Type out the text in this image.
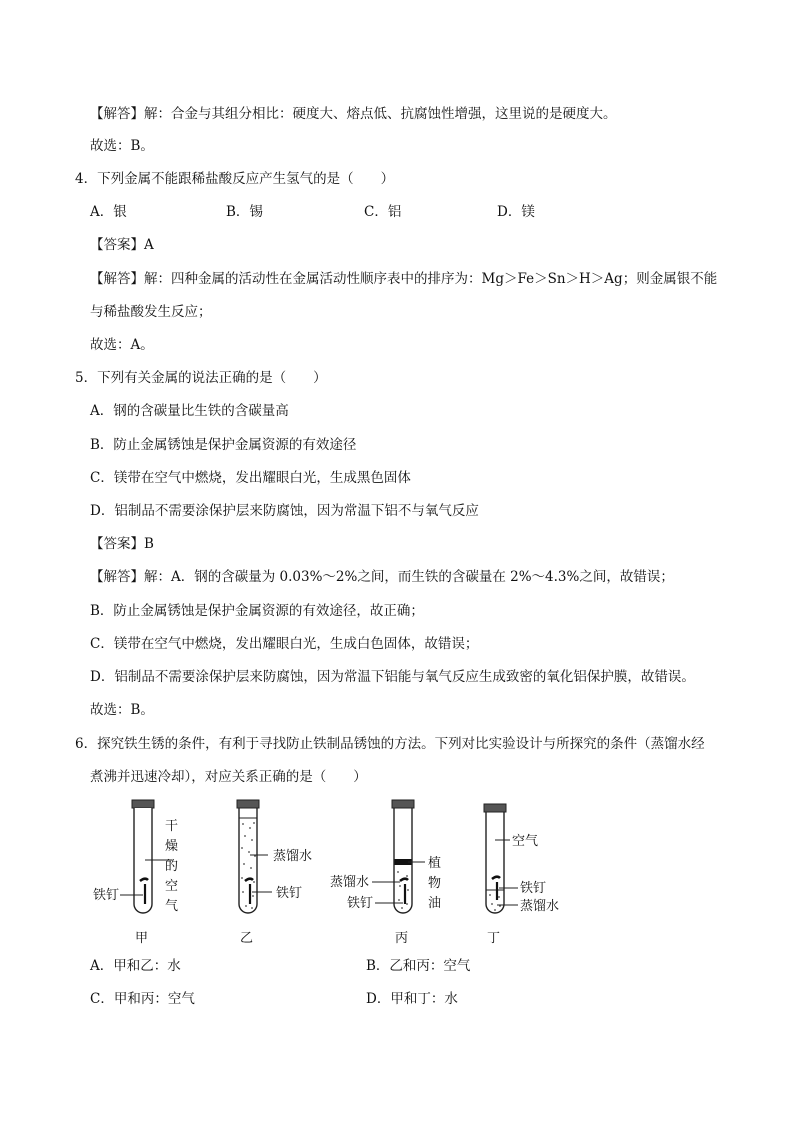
【解答】解：合金与其组分相比：硬度大、熔点低、抗腐蚀性增强，这里说的是硬度大。
故选：B。
4．下列金属不能跟稀盐酸反应产生氢气的是（　　）
A．银	B．锡	C．铝	D．镁
【答案】A
【解答】解：四种金属的活动性在金属活动性顺序表中的排序为：Mg＞Fe＞Sn＞H＞Ag；则金属银不能
与稀盐酸发生反应；
故选：A。
5．下列有关金属的说法正确的是（　　）
A．钢的含碳量比生铁的含碳量高
B．防止金属锈蚀是保护金属资源的有效途径
C．镁带在空气中燃烧，发出耀眼白光，生成黑色固体
D．铝制品不需要涂保护层来防腐蚀，因为常温下铝不与氧气反应
【答案】B
【解答】解：A．钢的含碳量为 0.03%～2%之间，而生铁的含碳量在 2%～4.3%之间，故错误；
B．防止金属锈蚀是保护金属资源的有效途径，故正确；
C．镁带在空气中燃烧，发出耀眼白光，生成白色固体，故错误；
D．铝制品不需要涂保护层来防腐蚀，因为常温下铝能与氧气反应生成致密的氧化铝保护膜，故错误。
故选：B。
6．探究铁生锈的条件，有利于寻找防止铁制品锈蚀的方法。下列对比实验设计与所探究的条件（蒸馏水经
煮沸并迅速冷却），对应关系正确的是（　　）
干
燥
的
空
气
铁钉
甲
蒸馏水
铁钉
乙
植
物
油
蒸馏水
铁钉
丙
空气
铁钉
蒸馏水
丁
A．甲和乙：水	B．乙和丙：空气
C．甲和丙：空气	D．甲和丁：水
